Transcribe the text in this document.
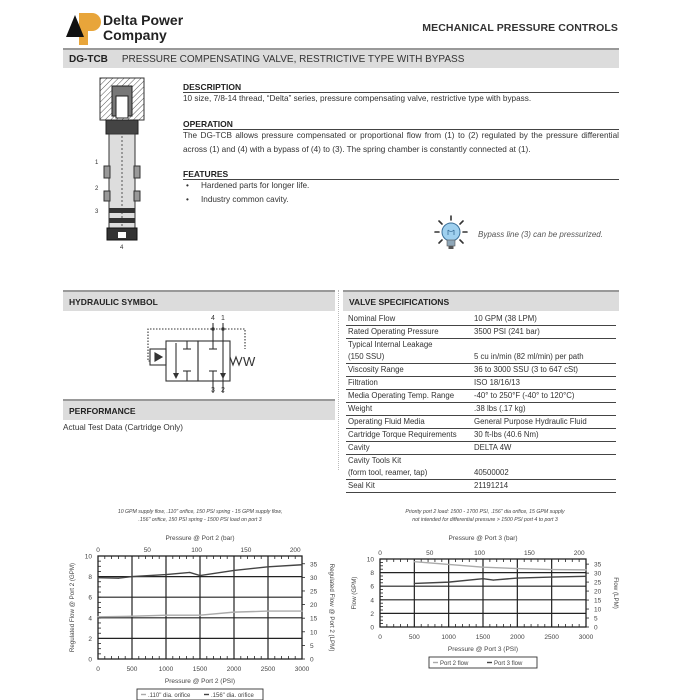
Delta Power
Company	MECHANICAL PRESSURE CONTROLS
DG-TCB PRESSURE COMPENSATING VALVE, RESTRICTIVE TYPE WITH BYPASS
1
2
3
4
DESCRIPTION
10 size, 7/8-14 thread, “Delta” series, pressure compensating valve, restrictive type with bypass.
OPERATION
The DG-TCB allows pressure compensated or proportional flow from (1) to (2) regulated by the pressure differential across (1) and (4) with a bypass of (4) to (3). The spring chamber is constantly connected at (1).
FEATURES
• Hardened parts for longer life.
• Industry common cavity.
Bypass line (3) can be pressurized.
HYDRAULIC SYMBOL
4 1
3 2
W
PERFORMANCE
Actual Test Data (Cartridge Only)
VALVE SPECIFICATIONS
Nominal Flow	10 GPM (38 LPM)
Rated Operating Pressure	3500 PSI (241 bar)
Typical Internal Leakage	
(150 SSU)	5 cu in/min (82 ml/min) per path
Viscosity Range	36 to 3000 SSU (3 to 647 cSt)
Filtration	ISO 18/16/13
Media Operating Temp. Range	-40° to 250°F (-40° to 120°C)
Weight	.38 lbs (.17 kg)
Operating Fluid Media	General Purpose Hydraulic Fluid
Cartridge Torque Requirements	30 ft-lbs (40.6 Nm)
Cavity	DELTA 4W
Cavity Tools Kit	
(form tool, reamer, tap)	40500002
Seal Kit	21191214
10 GPM supply flow, .110" orifice, 150 PSI spring - 15 GPM supply flow,
.156" orifice, 150 PSI spring - 1500 PSI load on port 3
Pressure @ Port 2 (bar)
0
2
4
6
8
10
0	500	1000	1500	2000	2500	3000
0	50	100	150	200
0
5
10
15
20
25
30
35
Pressure @ Port 2 (PSI)
Regulated Flow @ Port 2 (GPM)	Regulated Flow @ Port 2 (LPM)
.110" dia. orifice	.156" dia. orifice
Priority port 2 load: 1500 - 1700 PSI, .156" dia orifice, 15 GPM supply
not intended for differential pressure > 1500 PSI port 4 to port 3
Pressure @ Port 3 (bar)
0
2
4
6
8
10
0	500	1000	1500	2000	2500	3000
0	50	100	150	200
0
5
10
15
20
25
30
35
Pressure @ Port 3 (PSI)
Flow (GPM)	Flow (LPM)
Port 2 flow	Port 3 flow
